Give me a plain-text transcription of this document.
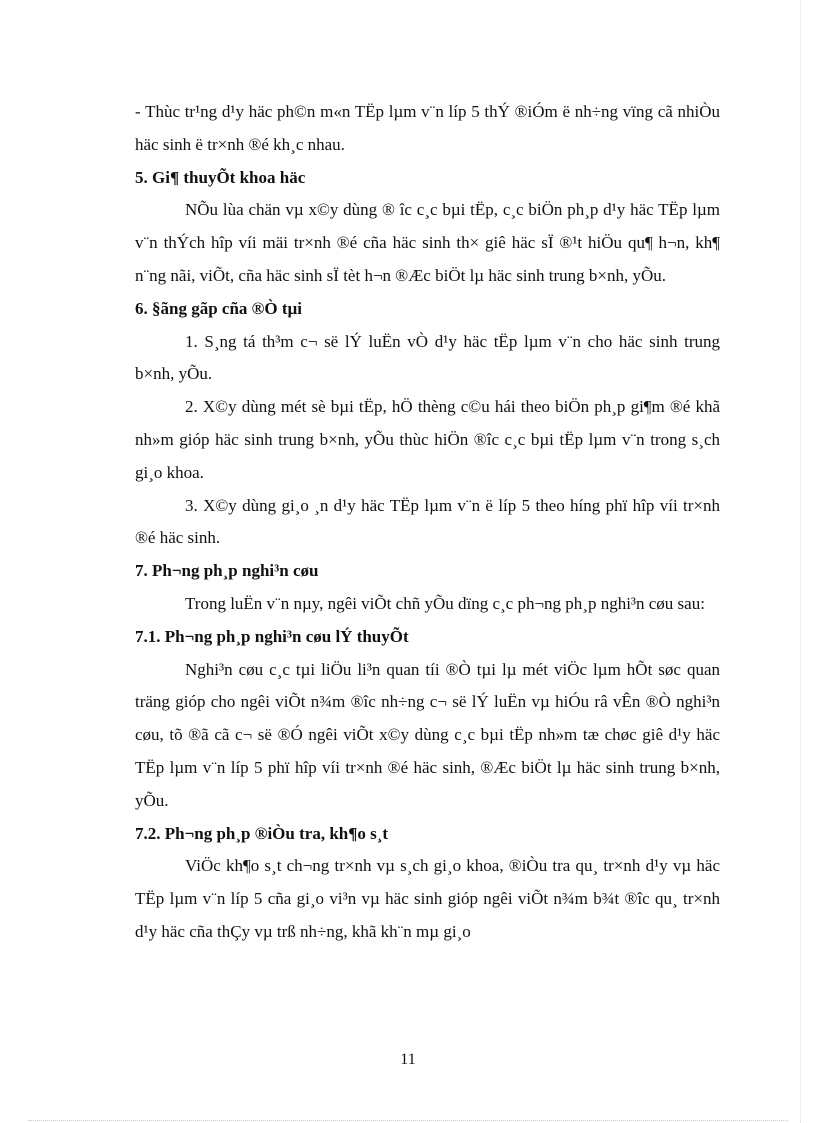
- Thùc tr¹ng d¹y häc ph©n m«n TËp lµm v¨n líp 5 thÝ ®iÓm ë nh÷ng vïng cã nhiÒu häc sinh ë tr×nh ®é kh¸c nhau.

5. Gi¶ thuyÕt khoa häc

NÕu lùa chän vµ x©y dùng ® îc c¸c bµi tËp, c¸c biÖn ph¸p d¹y häc TËp lµm v¨n thÝch hîp víi mäi tr×nh ®é cña häc sinh th× giê häc sÏ ®¹t hiÖu qu¶ h¬n, kh¶ n¨ng nãi, viÕt, cña häc sinh sÏ tèt h¬n ®Æc biÖt lµ häc sinh trung b×nh, yÕu.

6. §ãng gãp cña ®Ò tµi

1. S¸ng tá th³m c¬ së lÝ luËn vÒ d¹y häc tËp lµm v¨n cho häc sinh trung b×nh, yÕu.

2. X©y dùng mét sè bµi tËp, hÖ thèng c©u hái theo biÖn ph¸p gi¶m ®é khã nh»m gióp häc sinh trung b×nh, yÕu thùc hiÖn ®îc c¸c bµi tËp lµm v¨n trong s¸ch gi¸o khoa.

3. X©y dùng gi¸o ¸n d¹y häc TËp lµm v¨n ë líp 5 theo híng phï hîp víi tr×nh ®é häc sinh.

7. Ph¬ng ph¸p nghi³n cøu

Trong luËn v¨n nµy, ngêi viÕt chñ yÕu dïng c¸c ph¬ng ph¸p nghi³n cøu sau:

7.1. Ph¬ng ph¸p nghi³n cøu lÝ thuyÕt

Nghi³n cøu c¸c tµi liÖu li³n quan tíi ®Ò tµi lµ mét viÖc lµm hÕt søc quan träng gióp cho ngêi viÕt n¾m ®îc nh÷ng c¬ së lÝ luËn vµ hiÓu râ vÊn ®Ò nghi³n cøu, tõ ®ã cã c¬ së ®Ó ngêi viÕt x©y dùng c¸c bµi tËp nh»m tæ chøc giê d¹y häc TËp lµm v¨n líp 5 phï hîp víi tr×nh ®é häc sinh, ®Æc biÖt lµ häc sinh trung b×nh, yÕu.

7.2. Ph¬ng ph¸p ®iÒu tra, kh¶o s¸t

ViÖc kh¶o s¸t ch¬ng tr×nh vµ s¸ch gi¸o khoa, ®iÒu tra qu¸ tr×nh d¹y vµ häc TËp lµm v¨n líp 5 cña gi¸o vi³n vµ häc sinh gióp ngêi viÕt n¾m b¾t ®îc qu¸ tr×nh d¹y häc cña thÇy vµ trß nh÷ng, khã kh¨n mµ gi¸o

11
